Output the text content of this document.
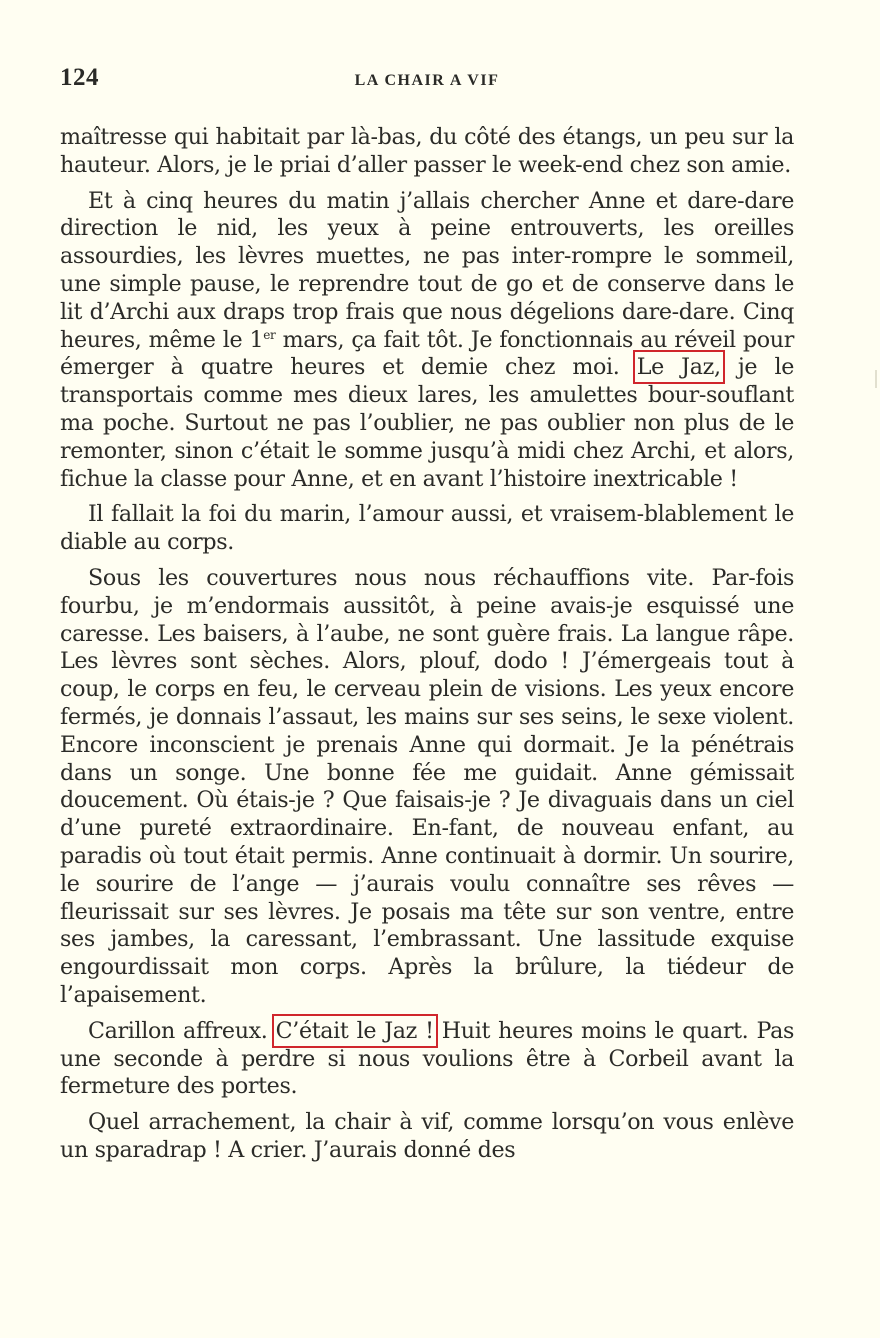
124	LA CHAIR A VIF

maîtresse qui habitait par là-bas, du côté des étangs, un peu sur la hauteur. Alors, je le priai d’aller passer le week-end chez son amie.

Et à cinq heures du matin j’allais chercher Anne et dare-dare direction le nid, les yeux à peine entrouverts, les oreilles assourdies, les lèvres muettes, ne pas inter-rompre le sommeil, une simple pause, le reprendre tout de go et de conserve dans le lit d’Archi aux draps trop frais que nous dégelions dare-dare. Cinq heures, même le 1er mars, ça fait tôt. Je fonctionnais au réveil pour émerger à quatre heures et demie chez moi. Le Jaz, je le transportais comme mes dieux lares, les amulettes bour-souflant ma poche. Surtout ne pas l’oublier, ne pas oublier non plus de le remonter, sinon c’était le somme jusqu’à midi chez Archi, et alors, fichue la classe pour Anne, et en avant l’histoire inextricable !

Il fallait la foi du marin, l’amour aussi, et vraisem-blablement le diable au corps.

Sous les couvertures nous nous réchauffions vite. Par-fois fourbu, je m’endormais aussitôt, à peine avais-je esquissé une caresse. Les baisers, à l’aube, ne sont guère frais. La langue râpe. Les lèvres sont sèches. Alors, plouf, dodo ! J’émergeais tout à coup, le corps en feu, le cerveau plein de visions. Les yeux encore fermés, je donnais l’assaut, les mains sur ses seins, le sexe violent. Encore inconscient je prenais Anne qui dormait. Je la pénétrais dans un songe. Une bonne fée me guidait. Anne gémissait doucement. Où étais-je ? Que faisais-je ? Je divaguais dans un ciel d’une pureté extraordinaire. En-fant, de nouveau enfant, au paradis où tout était permis. Anne continuait à dormir. Un sourire, le sourire de l’ange — j’aurais voulu connaître ses rêves — fleurissait sur ses lèvres. Je posais ma tête sur son ventre, entre ses jambes, la caressant, l’embrassant. Une lassitude exquise engourdissait mon corps. Après la brûlure, la tiédeur de l’apaisement.

Carillon affreux. C’était le Jaz ! Huit heures moins le quart. Pas une seconde à perdre si nous voulions être à Corbeil avant la fermeture des portes.

Quel arrachement, la chair à vif, comme lorsqu’on vous enlève un sparadrap ! A crier. J’aurais donné des
